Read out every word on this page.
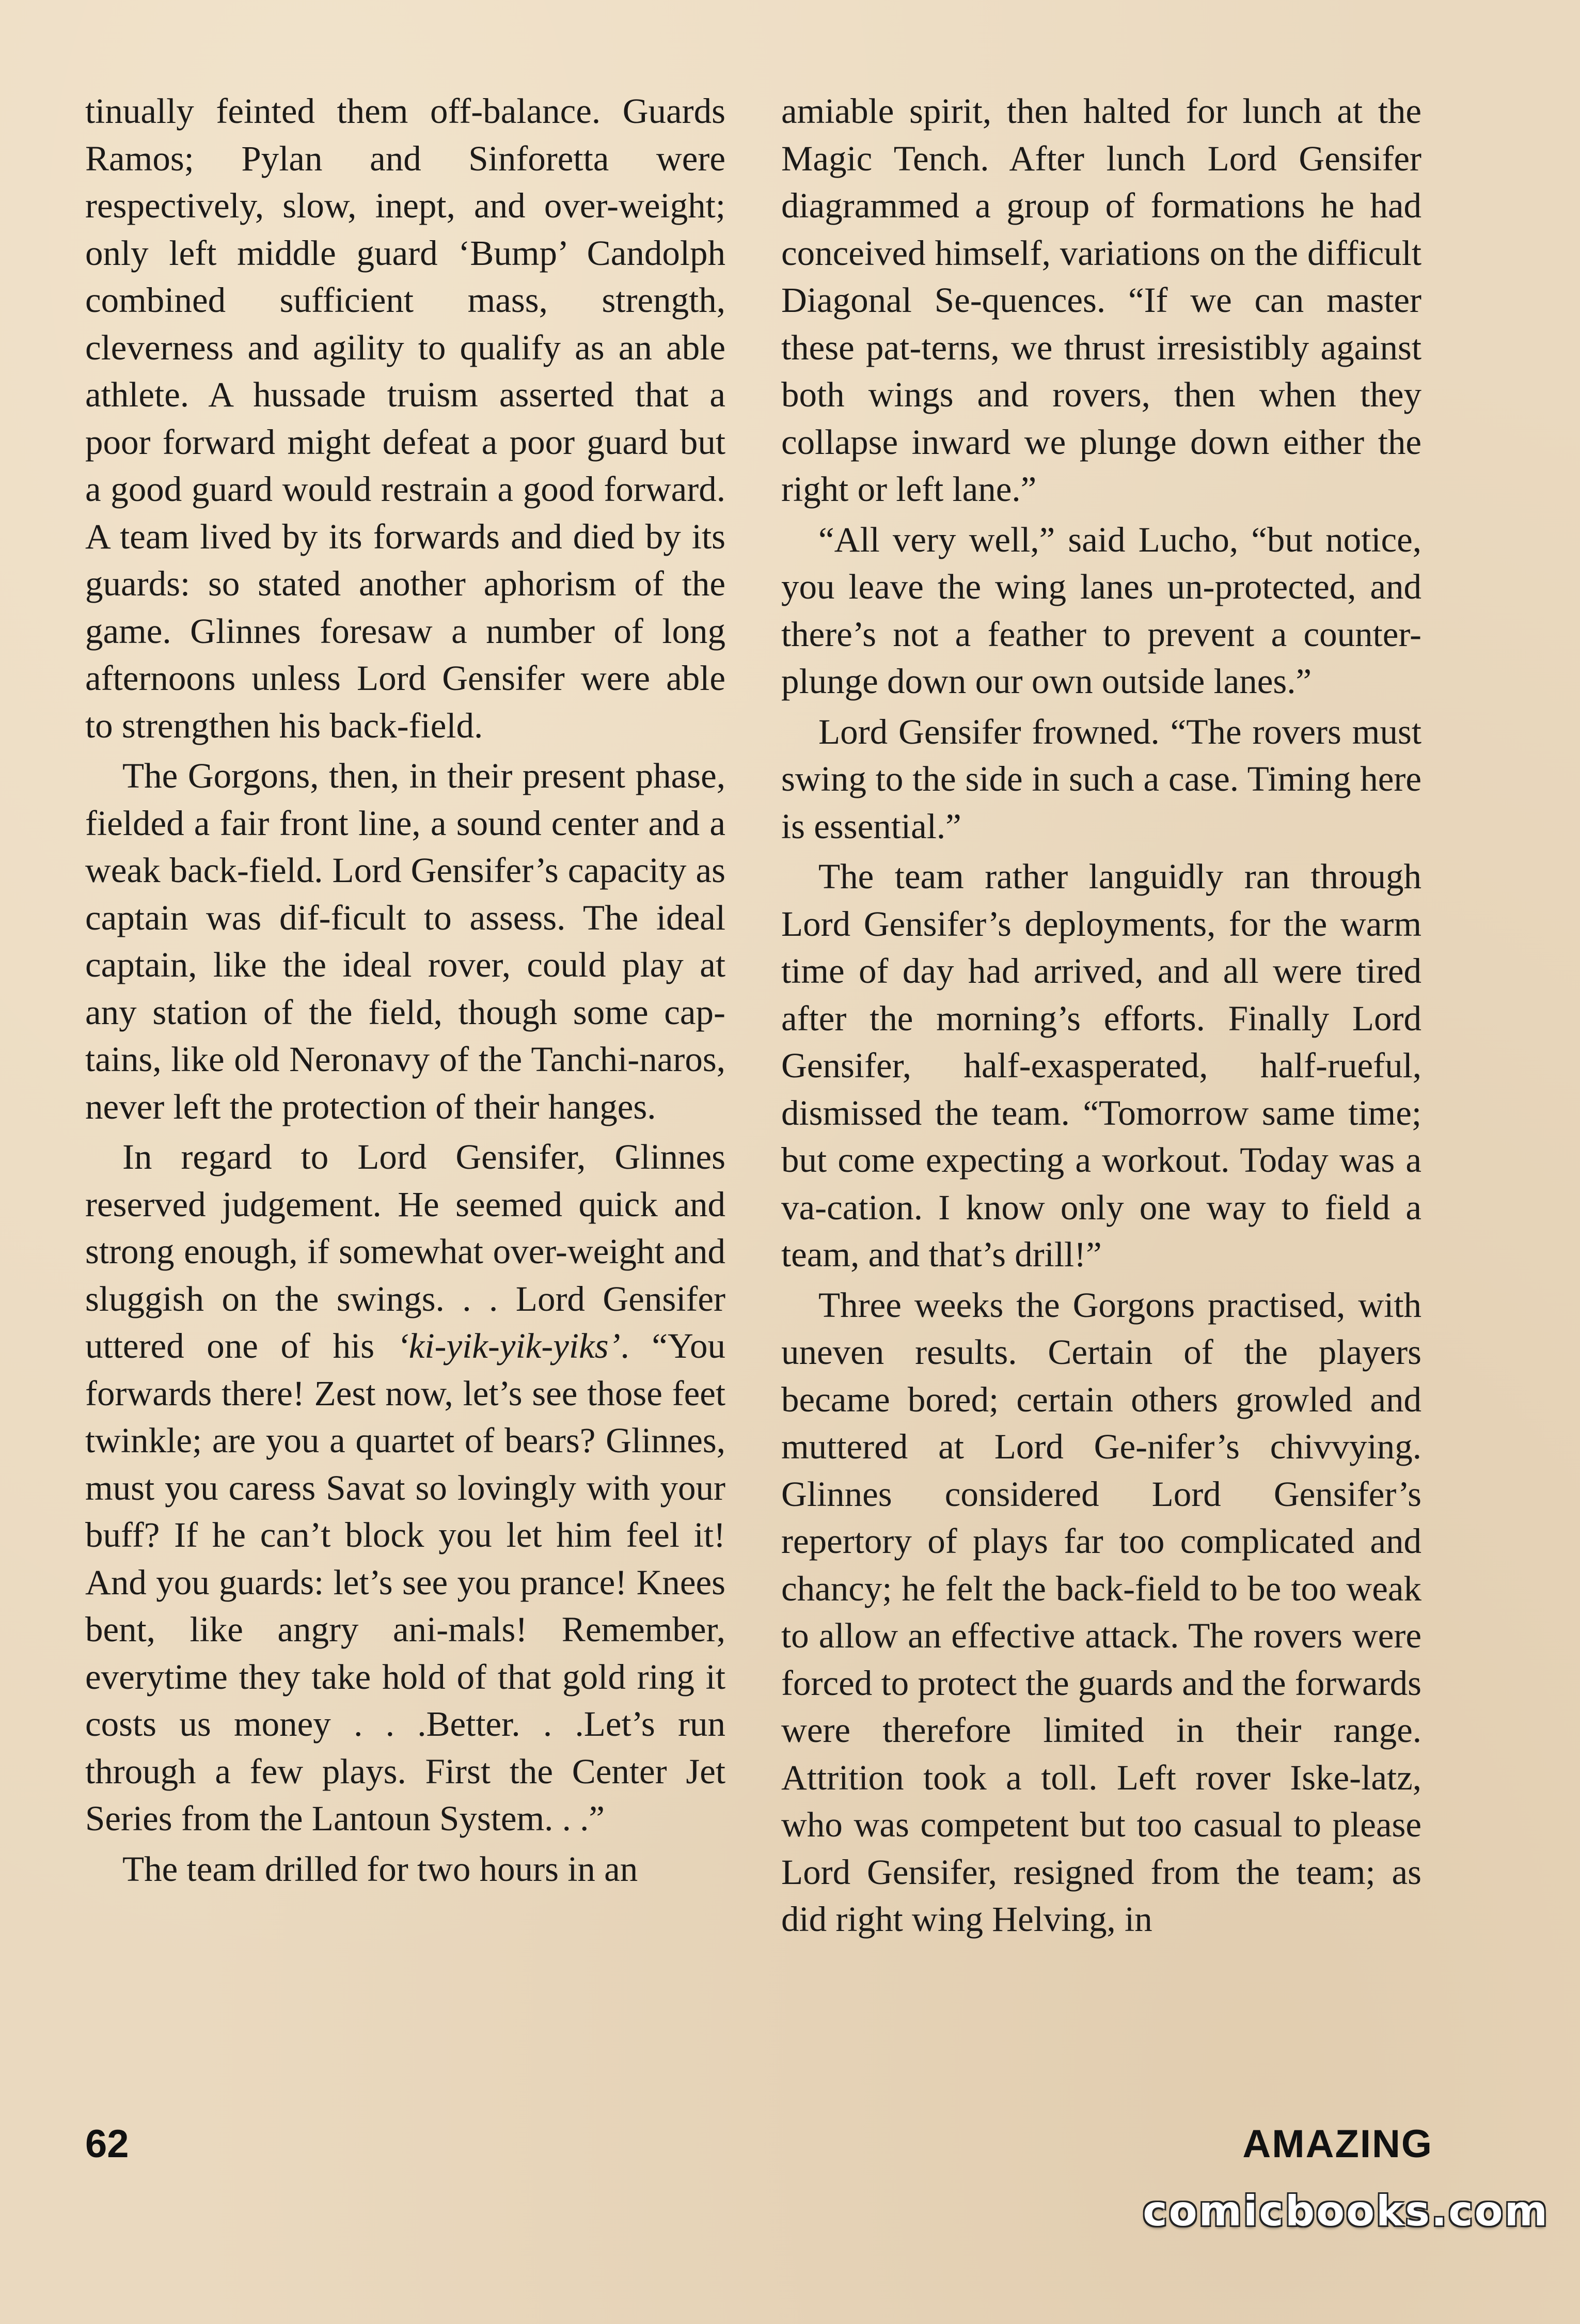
tinually feinted them off-balance. Guards Ramos; Pylan and Sinforetta were respectively, slow, inept, and over-weight; only left middle guard ‘Bump’ Candolph combined sufficient mass, strength, cleverness and agility to qualify as an able athlete. A hussade truism asserted that a poor forward might defeat a poor guard but a good guard would restrain a good forward. A team lived by its forwards and died by its guards: so stated another aphorism of the game. Glinnes foresaw a number of long afternoons unless Lord Gensifer were able to strengthen his back-field.

The Gorgons, then, in their present phase, fielded a fair front line, a sound center and a weak back-field. Lord Gensifer’s capacity as captain was dif-ficult to assess. The ideal captain, like the ideal rover, could play at any station of the field, though some cap-tains, like old Neronavy of the Tanchi-naros, never left the protection of their hanges.

In regard to Lord Gensifer, Glinnes reserved judgement. He seemed quick and strong enough, if somewhat over-weight and sluggish on the swings. . . Lord Gensifer uttered one of his ‘ki-yik-yik-yiks’. “You forwards there! Zest now, let’s see those feet twinkle; are you a quartet of bears? Glinnes, must you caress Savat so lovingly with your buff? If he can’t block you let him feel it! And you guards: let’s see you prance! Knees bent, like angry ani-mals! Remember, everytime they take hold of that gold ring it costs us money . . .Better. . .Let’s run through a few plays. First the Center Jet Series from the Lantoun System. . .”

The team drilled for two hours in an

amiable spirit, then halted for lunch at the Magic Tench. After lunch Lord Gensifer diagrammed a group of formations he had conceived himself, variations on the difficult Diagonal Se-quences. “If we can master these pat-terns, we thrust irresistibly against both wings and rovers, then when they collapse inward we plunge down either the right or left lane.”

“All very well,” said Lucho, “but notice, you leave the wing lanes un-protected, and there’s not a feather to prevent a counter-plunge down our own outside lanes.”

Lord Gensifer frowned. “The rovers must swing to the side in such a case. Timing here is essential.”

The team rather languidly ran through Lord Gensifer’s deployments, for the warm time of day had arrived, and all were tired after the morning’s efforts. Finally Lord Gensifer, half-exasperated, half-rueful, dismissed the team. “Tomorrow same time; but come expecting a workout. Today was a va-cation. I know only one way to field a team, and that’s drill!”

Three weeks the Gorgons practised, with uneven results. Certain of the players became bored; certain others growled and muttered at Lord Ge-nifer’s chivvying. Glinnes considered Lord Gensifer’s repertory of plays far too complicated and chancy; he felt the back-field to be too weak to allow an effective attack. The rovers were forced to protect the guards and the forwards were therefore limited in their range. Attrition took a toll. Left rover Iske-latz, who was competent but too casual to please Lord Gensifer, resigned from the team; as did right wing Helving, in

62	AMAZING
comicbooks.com
